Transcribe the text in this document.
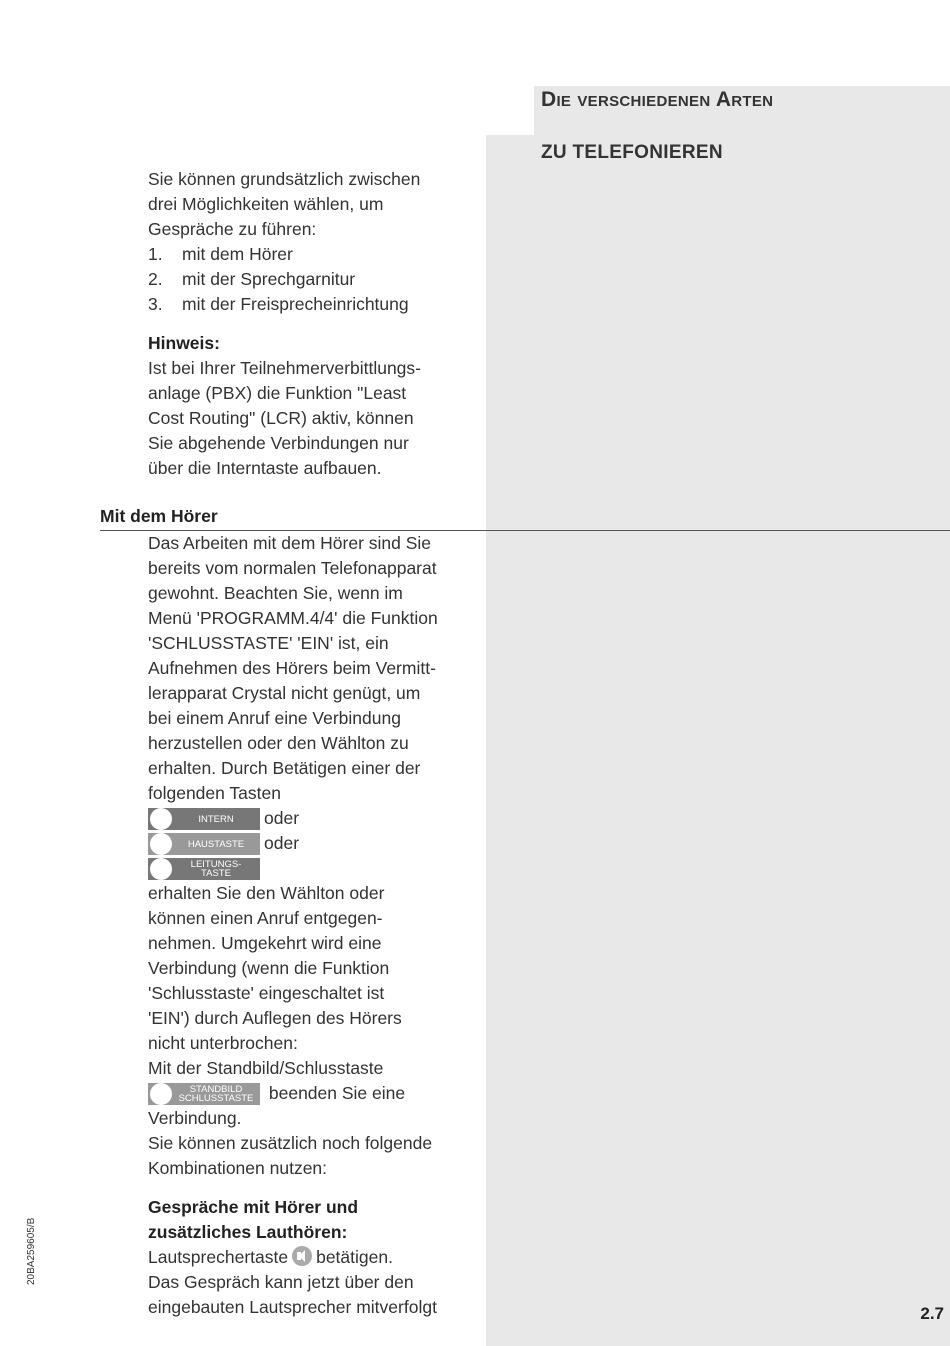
Die verschiedenen Arten
ZU TELEFONIEREN
Sie können grundsätzlich zwischen
drei Möglichkeiten wählen, um
Gespräche zu führen:
1. mit dem Hörer
2. mit der Sprechgarnitur
3. mit der Freisprecheinrichtung
Hinweis:
Ist bei Ihrer Teilnehmerverbittlungs-
anlage (PBX) die Funktion "Least
Cost Routing" (LCR) aktiv, können
Sie abgehende Verbindungen nur
über die Interntaste aufbauen.
Mit dem Hörer
Das Arbeiten mit dem Hörer sind Sie
bereits vom normalen Telefonapparat
gewohnt. Beachten Sie, wenn im
Menü 'PROGRAMM.4/4' die Funktion
'SCHLUSSTASTE' 'EIN' ist, ein
Aufnehmen des Hörers beim Vermitt-
lerapparat Crystal nicht genügt, um
bei einem Anruf eine Verbindung
herzustellen oder den Wählton zu
erhalten. Durch Betätigen einer der
folgenden Tasten
INTERN	oder
HAUSTASTE	oder
LEITUNGS-
TASTE
erhalten Sie den Wählton oder
können einen Anruf entgegen-
nehmen. Umgekehrt wird eine
Verbindung (wenn die Funktion
'Schlusstaste' eingeschaltet ist
'EIN') durch Auflegen des Hörers
nicht unterbrochen:
Mit der Standbild/Schlusstaste
STANDBILD
SCHLUSSTASTE beenden Sie eine
Verbindung.
Sie können zusätzlich noch folgende
Kombinationen nutzen:
Gespräche mit Hörer und
zusätzliches Lauthören:
Lautsprechertaste betätigen.
Das Gespräch kann jetzt über den
eingebauten Lautsprecher mitverfolgt
20BA259605/B
2.7
